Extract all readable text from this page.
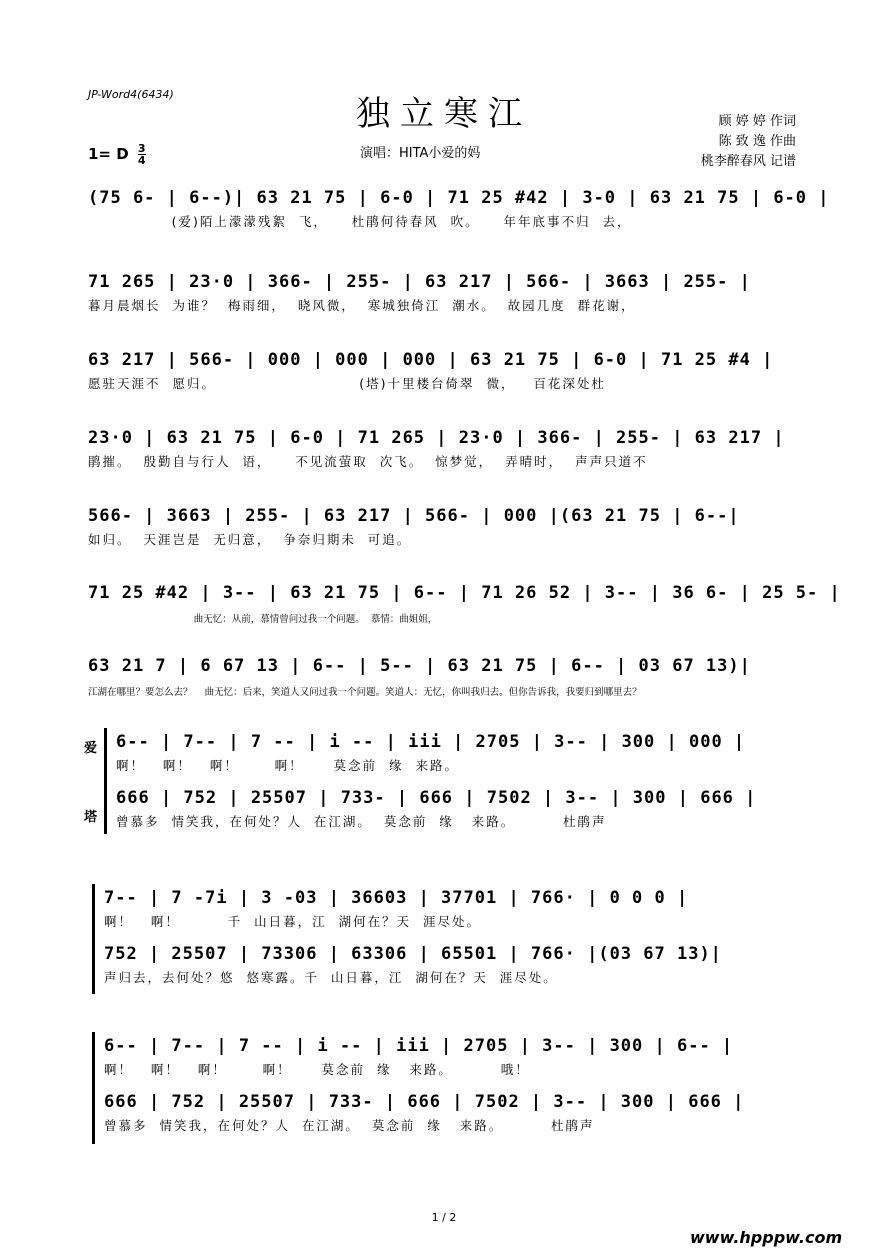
JP-Word4(6434)	独立寒江
1= D $\frac{3}{4}$	演唱：HITA小爱的妈
顾 婷 婷 作词
陈 致 逸 作曲
桃李醉春风 记谱
(75 6- | 6--)| 63 21 75 | 6-0 | 71 25 #42 | 3-0 | 63 21 75 | 6-0 |
(爱)陌上濛濛残絮  飞，    杜鹃何待春风  吹。    年年底事不归  去，
71 265 | 23·0 | 366- | 255- | 63 217 | 566- | 3663 | 255- |
暮月晨烟长  为谁？  梅雨细，  晓风微，  寒城独倚江  潮水。  故园几度  群花谢，
63 217 | 566- | 000 | 000 | 000 | 63 21 75 | 6-0 | 71 25 #4 |
愿驻天涯不  愿归。                        (塔)十里楼台倚翠  微，   百花深处杜
23·0 | 63 21 75 | 6-0 | 71 265 | 23·0 | 366- | 255- | 63 217 |
鹃摧。  殷勤自与行人  语，    不见流萤取  次飞。  惊梦觉，  弄晴时，  声声只道不
566- | 3663 | 255- | 63 217 | 566- | 000 |(63 21 75 | 6--|
如归。  天涯岂是  无归意，  争奈归期未  可追。
71 25 #42 | 3-- | 63 21 75 | 6-- | 71 26 52 | 3-- | 36 6- | 25 5- |
曲无忆：从前，慕情曾问过我一个问题。  慕情：曲姐姐，
63 21 7 | 6 67 13 | 6-- | 5-- | 63 21 75 | 6-- | 03 67 13)|
江湖在哪里？要怎么去？    曲无忆：后来，笑道人又问过我一个问题。笑道人：无忆，你叫我归去。但你告诉我，我要归到哪里去？
爱
塔
6-- | 7-- | 7 -- | i -- | iii | 2705 | 3-- | 300 | 000 |
啊！   啊！   啊！      啊！     莫念前  缘  来路。
666 | 752 | 25507 | 733- | 666 | 7502 | 3-- | 300 | 666 |
曾慕多  情笑我，在何处？人  在江湖。  莫念前  缘   来路。        杜鹃声
7-- | 7 -7i | 3 -03 | 36603 | 37701 | 766· | 0 0 0 |
啊！   啊！        千  山日暮，江  湖何在？天  涯尽处。
752 | 25507 | 73306 | 63306 | 65501 | 766· |(03 67 13)|
声归去，去何处？悠  悠寒露。千  山日暮，江  湖何在？天  涯尽处。
6-- | 7-- | 7 -- | i -- | iii | 2705 | 3-- | 300 | 6-- |
啊！   啊！   啊！      啊！     莫念前  缘   来路。        哦！
666 | 752 | 25507 | 733- | 666 | 7502 | 3-- | 300 | 666 |
曾慕多  情笑我，在何处？人  在江湖。  莫念前  缘   来路。        杜鹃声
1 / 2
www.hpppw.com
